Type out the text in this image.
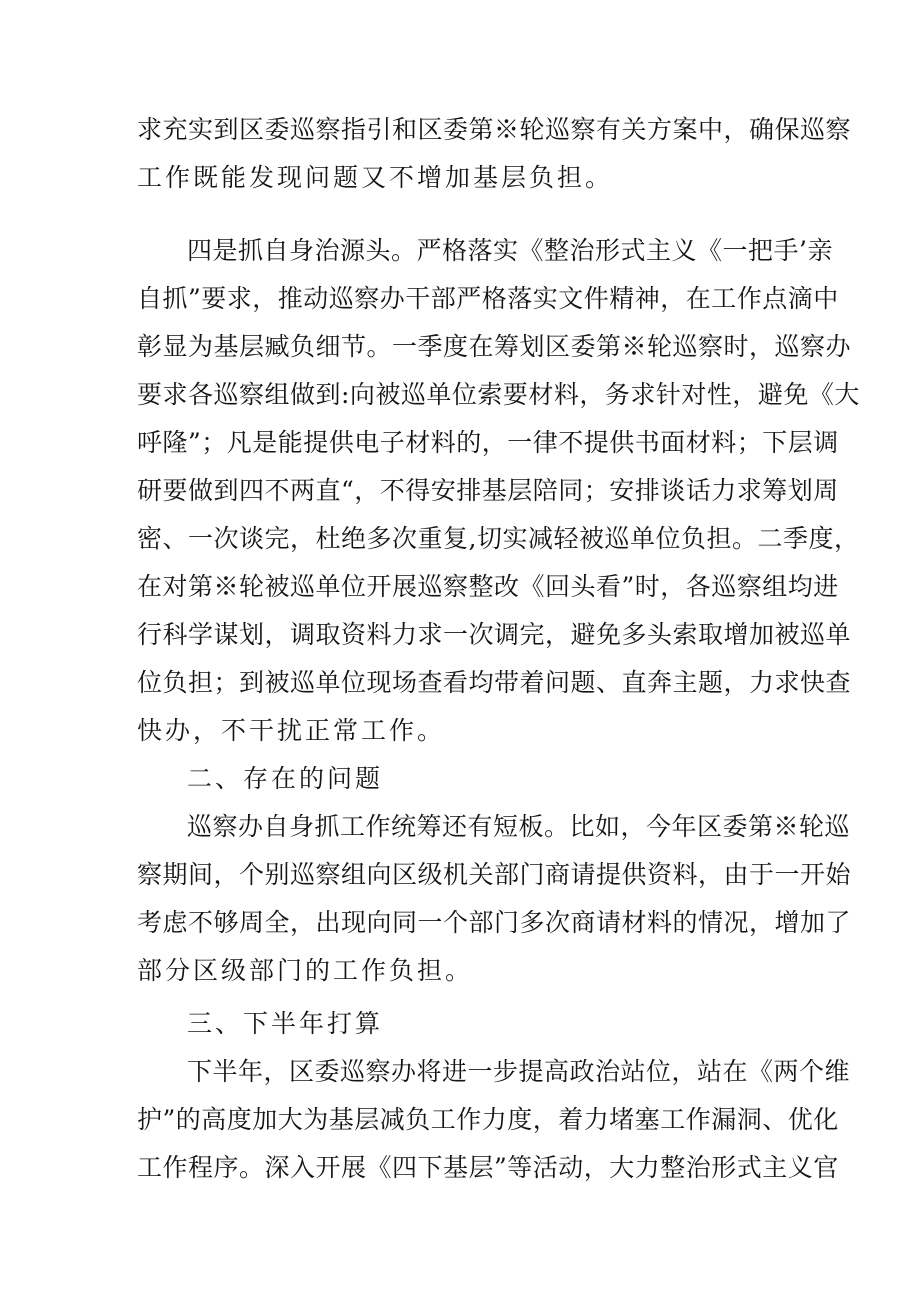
求充实到区委巡察指引和区委第※轮巡察有关方案中，确保巡察
工作既能发现问题又不增加基层负担。
四是抓自身治源头。严格落实《整治形式主义《一把手’亲
自抓”要求，推动巡察办干部严格落实文件精神，在工作点滴中
彰显为基层臧负细节。一季度在筹划区委第※轮巡察时，巡察办
要求各巡察组做到:向被巡单位索要材料，务求针对性，避免《大
呼隆”；凡是能提供电子材料的，一律不提供书面材料；下层调
研要做到四不两直“，不得安排基层陪同；安排谈话力求筹划周
密、一次谈完，杜绝多次重复,切实减轻被巡单位负担。二季度，
在对第※轮被巡单位开展巡察整改《回头看”时，各巡察组均进
行科学谋划，调取资料力求一次调完，避免多头索取增加被巡单
位负担；到被巡单位现场查看均带着问题、直奔主题，力求快查
快办，不干扰正常工作。
二、存在的问题
巡察办自身抓工作统筹还有短板。比如，今年区委第※轮巡
察期间，个别巡察组向区级机关部门商请提供资料，由于一开始
考虑不够周全，出现向同一个部门多次商请材料的情况，增加了
部分区级部门的工作负担。
三、下半年打算
下半年，区委巡察办将进一步提高政治站位，站在《两个维
护”的高度加大为基层减负工作力度，着力堵塞工作漏洞、优化
工作程序。深入开展《四下基层”等活动，大力整治形式主义官
